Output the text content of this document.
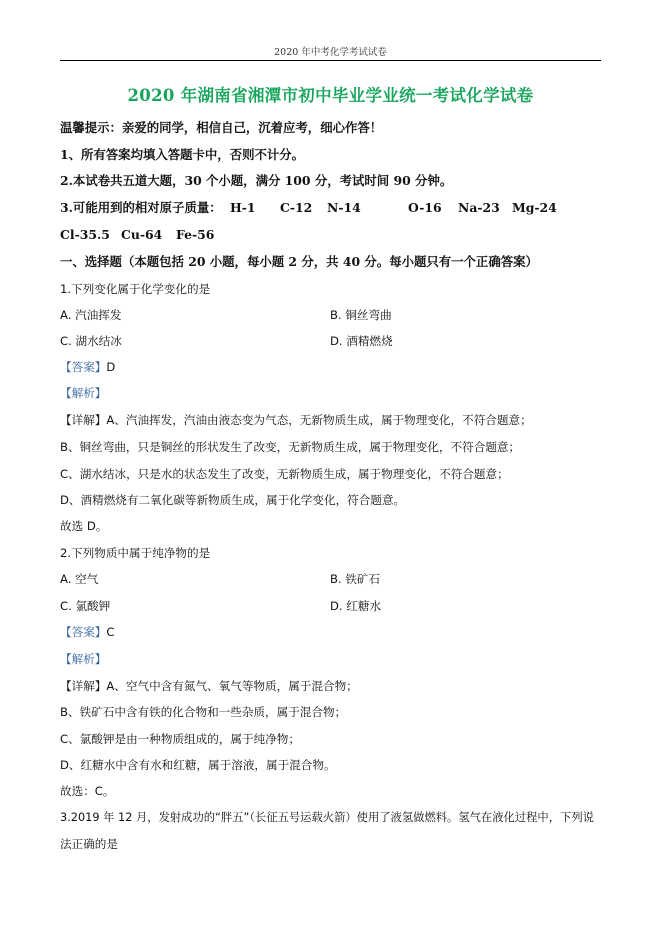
2020 年中考化学考试试卷
2020 年湖南省湘潭市初中毕业学业统一考试化学试卷
温馨提示：亲爱的同学，相信自己，沉着应考，细心作答！
1、所有答案均填入答题卡中，否则不计分。
2.本试卷共五道大题，30 个小题，满分 100 分，考试时间 90 分钟。
3.可能用到的相对原子质量： H-1 C-12 N-14	O-16 Na-23 Mg-24
Cl-35.5 Cu-64 Fe-56
一、选择题（本题包括 20 小题，每小题 2 分，共 40 分。每小题只有一个正确答案）
1.下列变化属于化学变化的是
A. 汽油挥发	B. 铜丝弯曲
C. 湖水结冰	D. 酒精燃烧
【答案】D
【解析】
【详解】A、汽油挥发，汽油由液态变为气态，无新物质生成，属于物理变化，不符合题意；
B、铜丝弯曲，只是铜丝的形状发生了改变，无新物质生成，属于物理变化，不符合题意；
C、湖水结冰，只是水的状态发生了改变，无新物质生成，属于物理变化，不符合题意；
D、酒精燃烧有二氧化碳等新物质生成，属于化学变化，符合题意。
故选 D。
2.下列物质中属于纯净物的是
A. 空气	B. 铁矿石
C. 氯酸钾	D. 红糖水
【答案】C
【解析】
【详解】A、空气中含有氮气、氧气等物质，属于混合物；
B、铁矿石中含有铁的化合物和一些杂质，属于混合物；
C、氯酸钾是由一种物质组成的，属于纯净物；
D、红糖水中含有水和红糖，属于溶液，属于混合物。
故选：C。
3.2019 年 12 月，发射成功的“胖五”（长征五号运载火箭）使用了液氢做燃料。氢气在液化过程中，下列说
法正确的是
